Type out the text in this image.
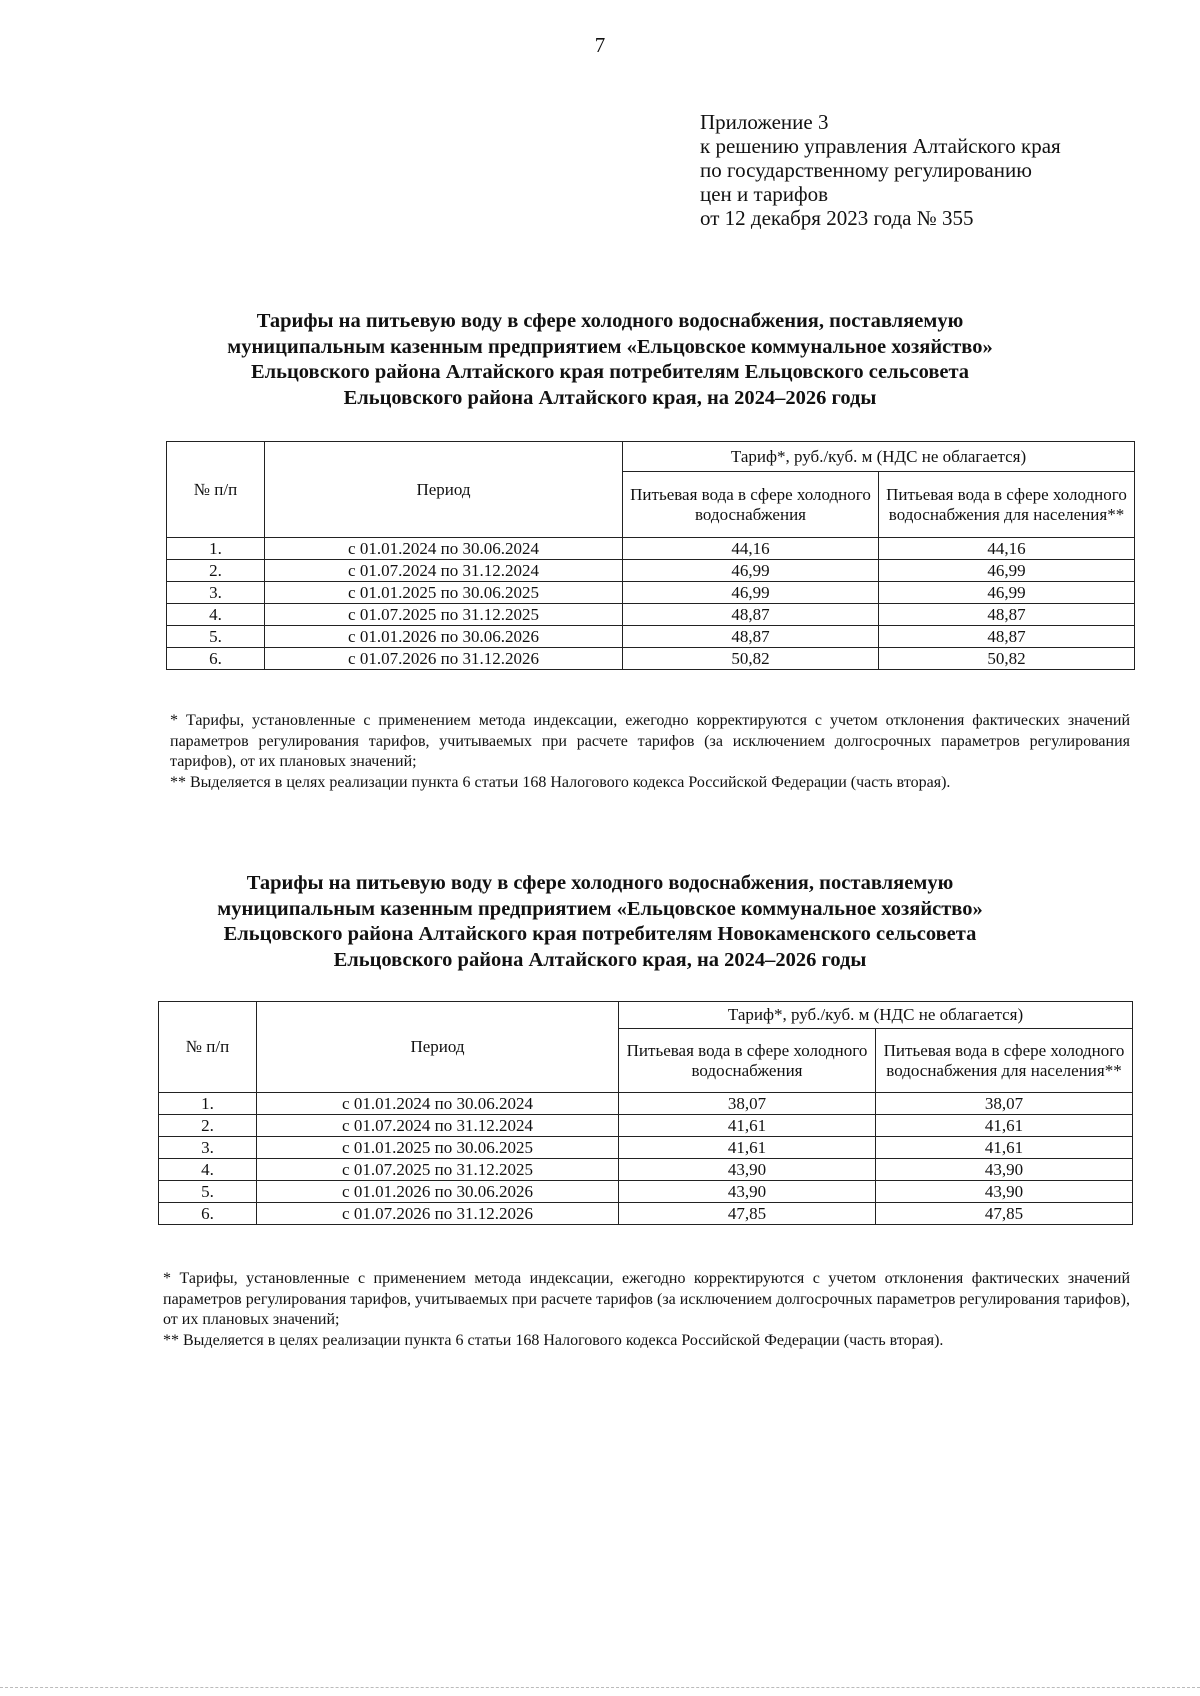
7
Приложение 3
к решению управления Алтайского края
по государственному регулированию
цен и тарифов
от 12 декабря 2023 года № 355
Тарифы на питьевую воду в сфере холодного водоснабжения, поставляемую
муниципальным казенным предприятием «Ельцовское коммунальное хозяйство»
Ельцовского района Алтайского края потребителям Ельцовского сельсовета
Ельцовского района Алтайского края, на 2024–2026 годы
№ п/п	Период	Тариф*, руб./куб. м (НДС не облагается)	
		Питьевая вода в сфере холодного водоснабжения	Питьевая вода в сфере холодного водоснабжения для населения**
1.	с 01.01.2024 по 30.06.2024	44,16	44,16
2.	с 01.07.2024 по 31.12.2024	46,99	46,99
3.	с 01.01.2025 по 30.06.2025	46,99	46,99
4.	с 01.07.2025 по 31.12.2025	48,87	48,87
5.	с 01.01.2026 по 30.06.2026	48,87	48,87
6.	с 01.07.2026 по 31.12.2026	50,82	50,82

* Тарифы, установленные с применением метода индексации, ежегодно корректируются с учетом отклонения фактических значений параметров регулирования тарифов, учитываемых при расчете тарифов (за исключением долгосрочных параметров регулирования тарифов), от их плановых значений;

** Выделяется в целях реализации пункта 6 статьи 168 Налогового кодекса Российской Федерации (часть вторая).

Тарифы на питьевую воду в сфере холодного водоснабжения, поставляемую
муниципальным казенным предприятием «Ельцовское коммунальное хозяйство»
Ельцовского района Алтайского края потребителям Новокаменского сельсовета
Ельцовского района Алтайского края, на 2024–2026 годы
№ п/п	Период	Тариф*, руб./куб. м (НДС не облагается)	
		Питьевая вода в сфере холодного водоснабжения	Питьевая вода в сфере холодного водоснабжения для населения**
1.	с 01.01.2024 по 30.06.2024	38,07	38,07
2.	с 01.07.2024 по 31.12.2024	41,61	41,61
3.	с 01.01.2025 по 30.06.2025	41,61	41,61
4.	с 01.07.2025 по 31.12.2025	43,90	43,90
5.	с 01.01.2026 по 30.06.2026	43,90	43,90
6.	с 01.07.2026 по 31.12.2026	47,85	47,85

* Тарифы, установленные с применением метода индексации, ежегодно корректируются с учетом отклонения фактических значений параметров регулирования тарифов, учитываемых при расчете тарифов (за исключением долгосрочных параметров регулирования тарифов), от их плановых значений;

** Выделяется в целях реализации пункта 6 статьи 168 Налогового кодекса Российской Федерации (часть вторая).
